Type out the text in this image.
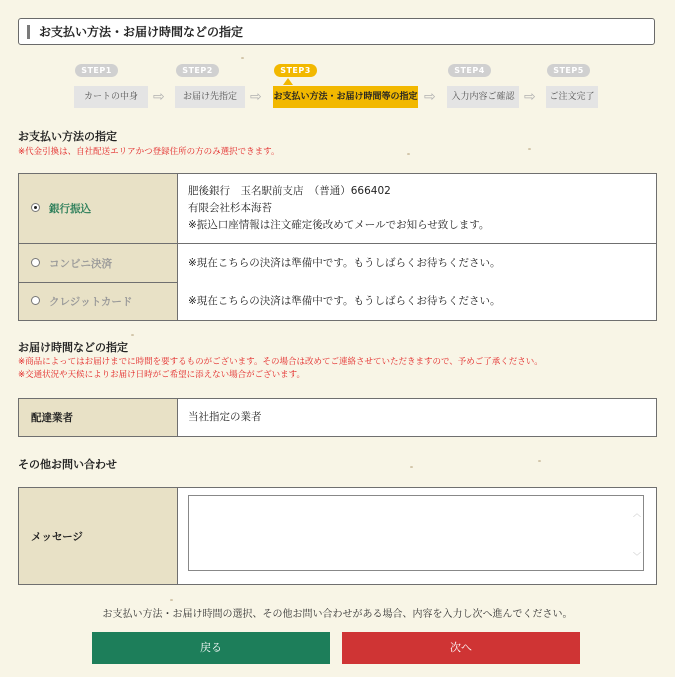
お支払い方法・お届け時間などの指定
STEP1
カートの中身	⇨
STEP2
お届け先指定 ⇨
STEP3
お支払い方法・お届け時間等の指定 ⇨
STEP4
入力内容ご確認 ⇨
STEP5
ご注文完了
お支払い方法の指定
※代金引換は、自社配送エリアかつ登録住所の方のみ選択できます。
銀行振込	肥後銀行　玉名駅前支店　（普通）666402
有限会社杉本海苔
※振込口座情報は注文確定後改めてメールでお知らせ致します。

コンビニ決済	※現在こちらの決済は準備中です。もうしばらくお待ちください。
クレジットカード	※現在こちらの決済は準備中です。もうしばらくお待ちください。
お届け時間などの指定
※商品によってはお届けまでに時間を要するものがございます。その場合は改めてご連絡させていただきますので、予めご了承ください。
※交通状況や天候によりお届け日時がご希望に添えない場合がございます。
配達業者	当社指定の業者
その他お問い合わせ
メッセージ	
︿
﹀
お支払い方法・お届け時間の選択、その他お問い合わせがある場合、内容を入力し次へ進んでください。
戻る	次へ
